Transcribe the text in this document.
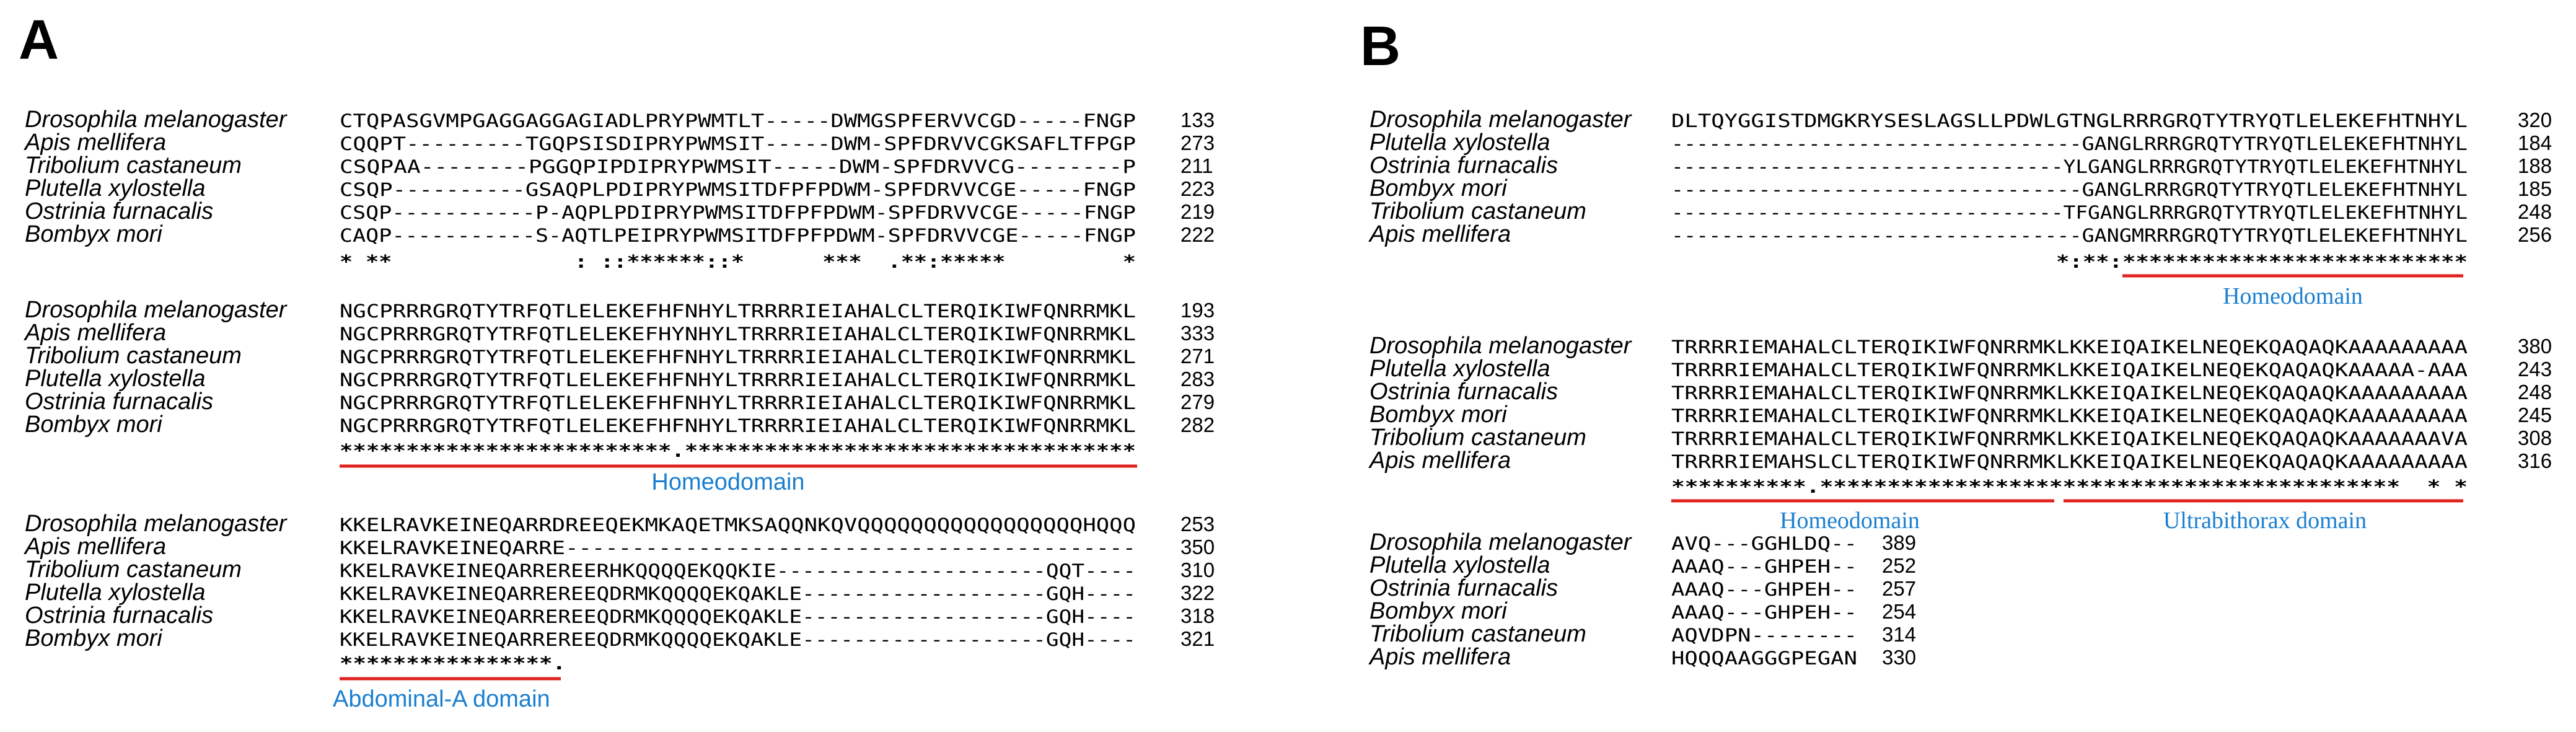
A
Drosophila melanogaster	CTQPASGVMPGAGGAGGAGIADLPRYPWMTLT-----DWMGSPFERVVCGD-----FNGP 133
Apis mellifera	CQQPT---------TGQPSISDIPRYPWMSIT-----DWM-SPFDRVVCGKSAFLTFPGP 273
Tribolium castaneum	CSQPAA--------PGGQPIPDIPRYPWMSIT-----DWM-SPFDRVVCG--------P 211
Plutella xylostella	CSQP----------GSAQPLPDIPRYPWMSITDFPFPDWM-SPFDRVVCGE-----FNGP 223
Ostrinia furnacalis	CSQP-----------P-AQPLPDIPRYPWMSITDFPFPDWM-SPFDRVVCGE-----FNGP 219
Bombyx mori	CAQP-----------S-AQTLPEIPRYPWMSITDFPFPDWM-SPFDRVVCGE-----FNGP 222
* **              : ::******::*      ***  .**:*****         *
Drosophila melanogaster	NGCPRRRGRQTYTRFQTLELEKEFHFNHYLTRRRRIEIAHALCLTERQIKIWFQNRRMKL 193
Apis mellifera	NGCPRRRGRQTYTRFQTLELEKEFHYNHYLTRRRRIEIAHALCLTERQIKIWFQNRRMKL 333
Tribolium castaneum	NGCPRRRGRQTYTRFQTLELEKEFHFNHYLTRRRRIEIAHALCLTERQIKIWFQNRRMKL 271
Plutella xylostella	NGCPRRRGRQTYTRFQTLELEKEFHFNHYLTRRRRIEIAHALCLTERQIKIWFQNRRMKL 283
Ostrinia furnacalis	NGCPRRRGRQTYTRFQTLELEKEFHFNHYLTRRRRIEIAHALCLTERQIKIWFQNRRMKL 279
Bombyx mori	NGCPRRRGRQTYTRFQTLELEKEFHFNHYLTRRRRIEIAHALCLTERQIKIWFQNRRMKL 282
*************************.**********************************
Homeodomain
Drosophila melanogaster	KKELRAVKEINEQARRDREEQEKMKAQETMKSAQQNKQVQQQQQQQQQQQQQQQQQHQQQ 253
Apis mellifera	KKELRAVKEINEQARRE------------------------------------------- 350
Tribolium castaneum	KKELRAVKEINEQARREREERHKQQQQEKQQKIE---------------------QQT---- 310
Plutella xylostella	KKELRAVKEINEQARREREEQDRMKQQQQEKQAKLE-------------------GQH---- 322
Ostrinia furnacalis	KKELRAVKEINEQARREREEQDRMKQQQQEKQAKLE-------------------GQH---- 318
Bombyx mori	KKELRAVKEINEQARREREEQDRMKQQQQEKQAKLE-------------------GQH---- 321
****************.
Abdominal-A domain
B
Drosophila melanogaster DLTQYGGISTDMGKRYSESLAGSLLPDWLGTNGLRRRGRQTYTRYQTLELEKEFHTNHYL 320
Plutella xylostella	---------------------------------GANGLRRRGRQTYTRYQTLELEKEFHTNHYL 184
Ostrinia furnacalis	--------------------------------YLGANGLRRRGRQTYTRYQTLELEKEFHTNHYL 188
Bombyx mori	---------------------------------GANGLRRRGRQTYTRYQTLELEKEFHTNHYL 185
Tribolium castaneum	--------------------------------TFGANGLRRRGRQTYTRYQTLELEKEFHTNHYL 248
Apis mellifera	---------------------------------GANGMRRRGRQTYTRYQTLELEKEFHTNHYL 256
*:**:**************************
Homeodomain
Drosophila melanogaster TRRRRIEMAHALCLTERQIKIWFQNRRMKLKKEIQAIKELNEQEKQAQAQKAAAAAAAAA 380
Plutella xylostella	TRRRRIEMAHALCLTERQIKIWFQNRRMKLKKEIQAIKELNEQEKQAQAQKAAAAA-AAA 243
Ostrinia furnacalis	TRRRRIEMAHALCLTERQIKIWFQNRRMKLKKEIQAIKELNEQEKQAQAQKAAAAAAAAA 248
Bombyx mori	TRRRRIEMAHALCLTERQIKIWFQNRRMKLKKEIQAIKELNEQEKQAQAQKAAAAAAAAA 245
Tribolium castaneum	TRRRRIEMAHALCLTERQIKIWFQNRRMKLKKEIQAIKELNEQEKQAQAQKAAAAAAAVA 308
Apis mellifera	TRRRRIEMAHSLCLTERQIKIWFQNRRMKLKKEIQAIKELNEQEKQAQAQKAAAAAAAAA 316
**********.*******************************************  * *
Homeodomain	Ultrabithorax domain
Drosophila melanogaster AVQ---GGHLDQ-- 389
Plutella xylostella	AAAQ---GHPEH-- 252
Ostrinia furnacalis	AAAQ---GHPEH-- 257
Bombyx mori	AAAQ---GHPEH-- 254
Tribolium castaneum	AQVDPN-------- 314
Apis mellifera	HQQQAAGGGPEGAN 330
